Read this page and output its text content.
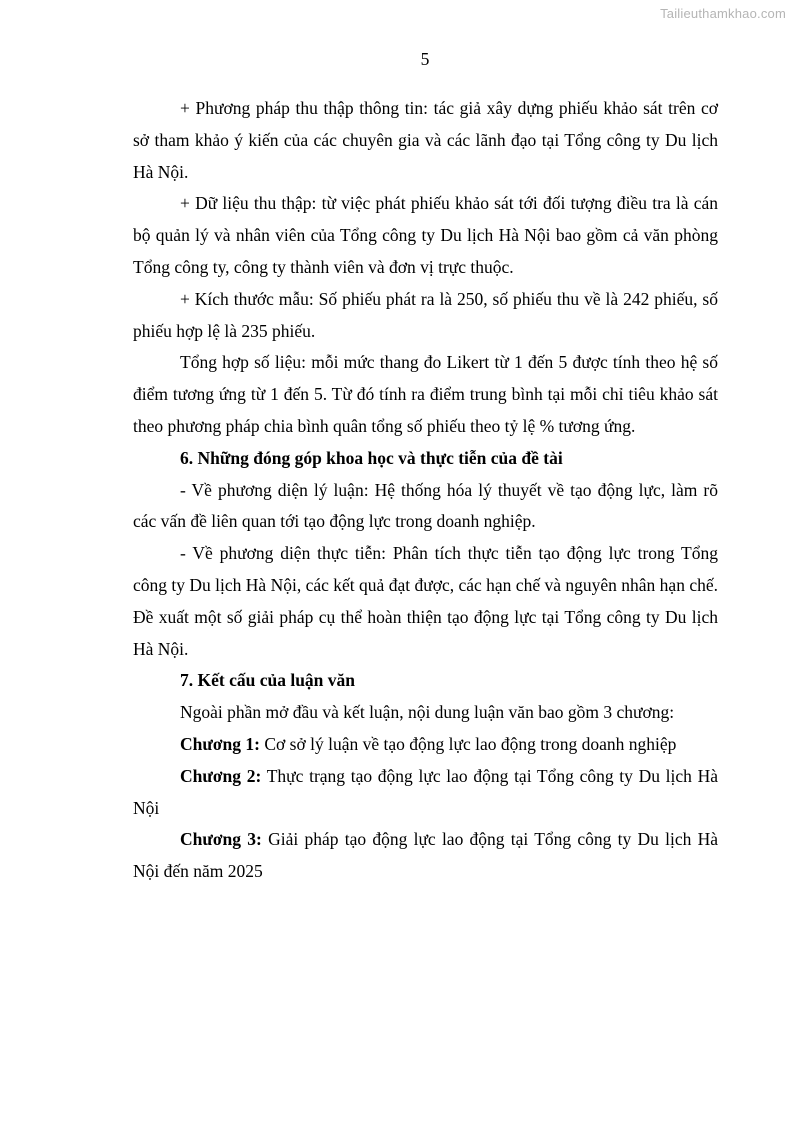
Tailieuthamkhao.com
5

+ Phương pháp thu thập thông tin: tác giả xây dựng phiếu khảo sát trên cơ sở tham khảo ý kiến của các chuyên gia và các lãnh đạo tại Tổng công ty Du lịch Hà Nội.

+ Dữ liệu thu thập: từ việc phát phiếu khảo sát tới đối tượng điều tra là cán bộ quản lý và nhân viên của Tổng công ty Du lịch Hà Nội bao gồm cả văn phòng Tổng công ty, công ty thành viên và đơn vị trực thuộc.

+ Kích thước mẫu: Số phiếu phát ra là 250, số phiếu thu về là 242 phiếu, số phiếu hợp lệ là 235 phiếu.

Tổng hợp số liệu: mỗi mức thang đo Likert từ 1 đến 5 được tính theo hệ số điểm tương ứng từ 1 đến 5. Từ đó tính ra điểm trung bình tại mỗi chỉ tiêu khảo sát theo phương pháp chia bình quân tổng số phiếu theo tỷ lệ % tương ứng.

6. Những đóng góp khoa học và thực tiễn của đề tài

- Về phương diện lý luận: Hệ thống hóa lý thuyết về tạo động lực, làm rõ các vấn đề liên quan tới tạo động lực trong doanh nghiệp.

- Về phương diện thực tiễn: Phân tích thực tiễn tạo động lực trong Tổng công ty Du lịch Hà Nội, các kết quả đạt được, các hạn chế và nguyên nhân hạn chế. Đề xuất một số giải pháp cụ thể hoàn thiện tạo động lực tại Tổng công ty Du lịch Hà Nội.

7. Kết cấu của luận văn

Ngoài phần mở đầu và kết luận, nội dung luận văn bao gồm 3 chương:

Chương 1: Cơ sở lý luận về tạo động lực lao động trong doanh nghiệp

Chương 2: Thực trạng tạo động lực lao động tại Tổng công ty Du lịch Hà Nội

Chương 3: Giải pháp tạo động lực lao động tại Tổng công ty Du lịch Hà Nội đến năm 2025
